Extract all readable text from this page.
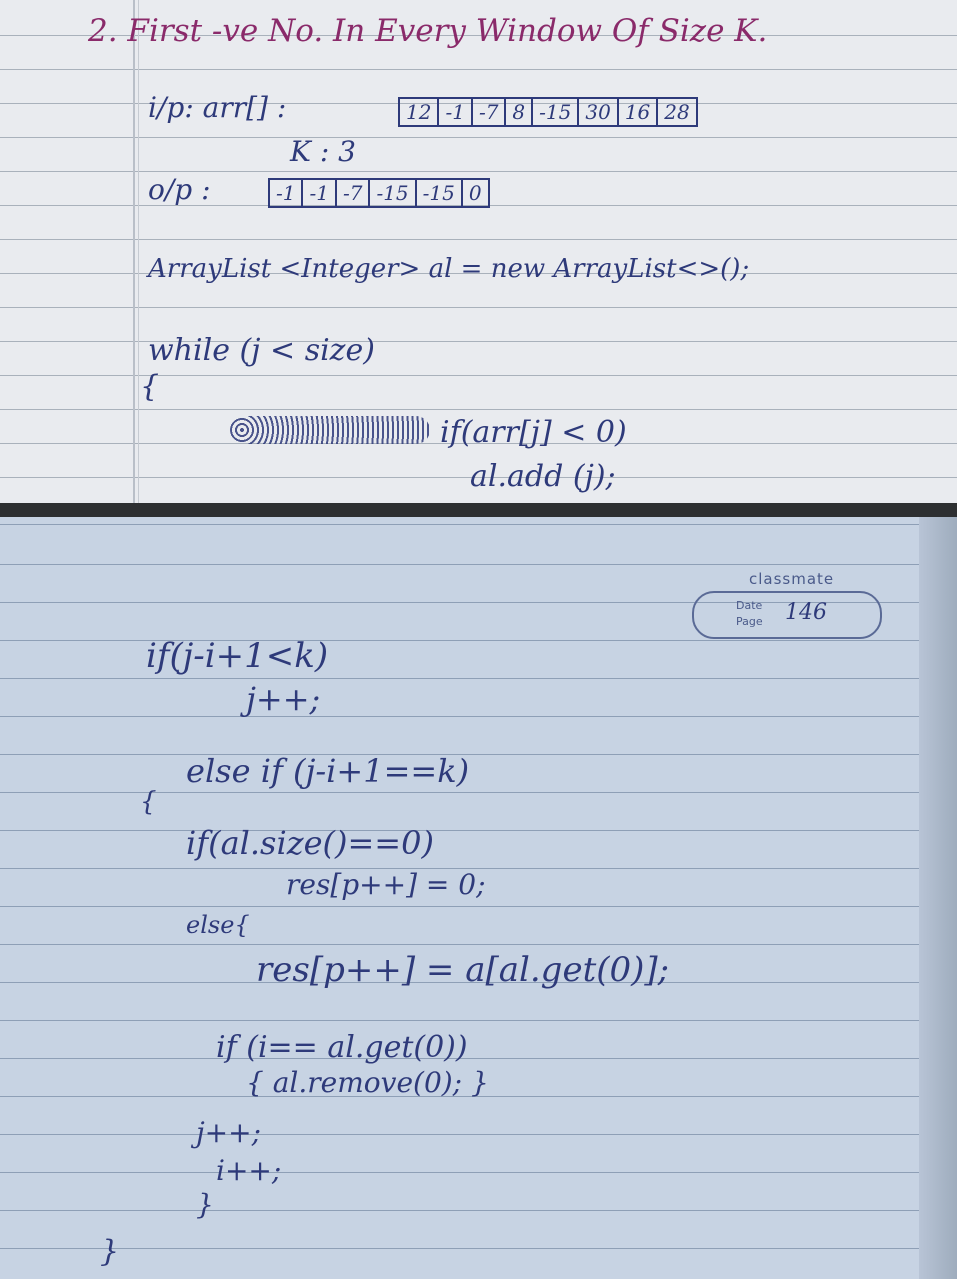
2. First -ve No. In Every Window Of Size K.
i/p: arr[] :	12 -1 -7 8 -15 30 16 28
K : 3
o/p :	-1 -1 -7 -15 -15 0
ArrayList <Integer> al = new ArrayList<>();
while (j < size)
{
if(arr[j] < 0)
al.add (j);
classmate
Date
Page 146
if(j-i+1<k)
j++;
else if (j-i+1==k)
{
if(al.size()==0)
res[p++] = 0;
else{
res[p++] = a[al.get(0)];
if (i== al.get(0))
{ al.remove(0); }
j++;
i++;
}
}
